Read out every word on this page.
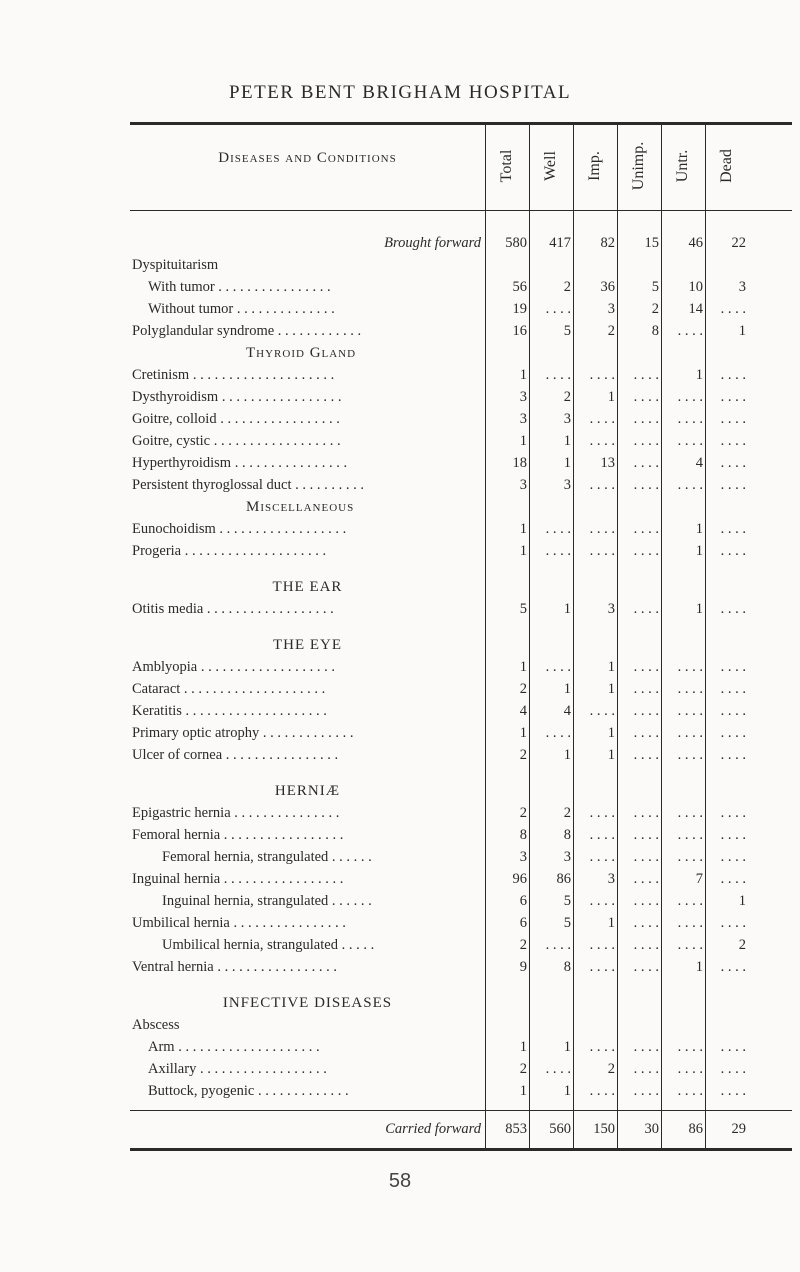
PETER BENT BRIGHAM HOSPITAL
Diseases and Conditions	Total Well Imp. Unimp. Untr. Dead
Brought forward	580	417	82	15	46	22
Dyspituitarism
With tumor . . . . . . . . . . . . . . . .	56	2	36	5	10	3
Without tumor . . . . . . . . . . . . . .	19	. . . .	3	2	14	. . . .
Polyglandular syndrome . . . . . . . . . . . .	16	5	2	8	. . . .	1
Thyroid Gland
Cretinism . . . . . . . . . . . . . . . . . . . .	1	. . . .	. . . .	. . . .	1	. . . .
Dysthyroidism . . . . . . . . . . . . . . . . .	3	2	1	. . . .	. . . .	. . . .
Goitre, colloid . . . . . . . . . . . . . . . . .	3	3	. . . .	. . . .	. . . .	. . . .
Goitre, cystic . . . . . . . . . . . . . . . . . .	1	1	. . . .	. . . .	. . . .	. . . .
Hyperthyroidism . . . . . . . . . . . . . . . .	18	1	13	. . . .	4	. . . .
Persistent thyroglossal duct . . . . . . . . . .	3	3	. . . .	. . . .	. . . .	. . . .
Miscellaneous
Eunochoidism . . . . . . . . . . . . . . . . . .	1	. . . .	. . . .	. . . .	1	. . . .
Progeria . . . . . . . . . . . . . . . . . . . .	1	. . . .	. . . .	. . . .	1	. . . .
THE EAR
Otitis media . . . . . . . . . . . . . . . . . .	5	1	3	. . . .	1	. . . .
THE EYE
Amblyopia . . . . . . . . . . . . . . . . . . .	1	. . . .	1	. . . .	. . . .	. . . .
Cataract . . . . . . . . . . . . . . . . . . . .	2	1	1	. . . .	. . . .	. . . .
Keratitis . . . . . . . . . . . . . . . . . . . .	4	4	. . . .	. . . .	. . . .	. . . .
Primary optic atrophy . . . . . . . . . . . . .	1	. . . .	1	. . . .	. . . .	. . . .
Ulcer of cornea . . . . . . . . . . . . . . . .	2	1	1	. . . .	. . . .	. . . .
HERNIÆ
Epigastric hernia . . . . . . . . . . . . . . .	2	2	. . . .	. . . .	. . . .	. . . .
Femoral hernia . . . . . . . . . . . . . . . . .	8	8	. . . .	. . . .	. . . .	. . . .
Femoral hernia, strangulated . . . . . .	3	3	. . . .	. . . .	. . . .	. . . .
Inguinal hernia . . . . . . . . . . . . . . . . .	96	86	3	. . . .	7	. . . .
Inguinal hernia, strangulated . . . . . .	6	5	. . . .	. . . .	. . . .	1
Umbilical hernia . . . . . . . . . . . . . . . .	6	5	1	. . . .	. . . .	. . . .
Umbilical hernia, strangulated . . . . .	2	. . . .	. . . .	. . . .	. . . .	2
Ventral hernia . . . . . . . . . . . . . . . . .	9	8	. . . .	. . . .	1	. . . .
INFECTIVE DISEASES
Abscess
Arm . . . . . . . . . . . . . . . . . . . .	1	1	. . . .	. . . .	. . . .	. . . .
Axillary . . . . . . . . . . . . . . . . . .	2	. . . .	2	. . . .	. . . .	. . . .
Buttock, pyogenic . . . . . . . . . . . . .	1	1	. . . .	. . . .	. . . .	. . . .
Carried forward	853	560	150	30	86	29
58
